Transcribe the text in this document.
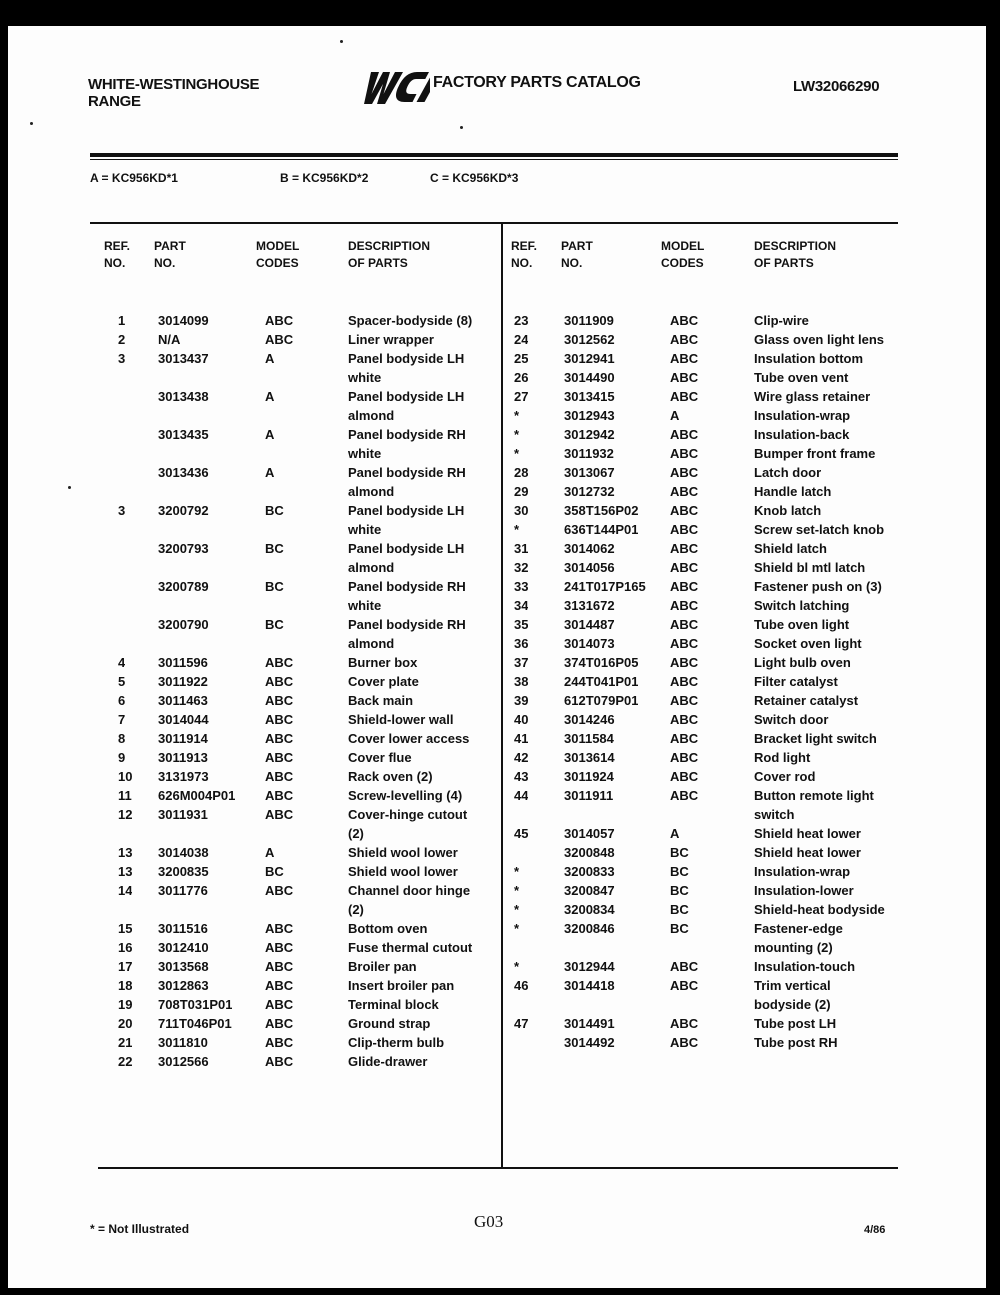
WHITE-WESTINGHOUSE
RANGE
FACTORY PARTS CATALOG	LW32066290
A = KC956KD*1	B = KC956KD*2	C = KC956KD*3
REF.
NO.
PART
NO.
MODEL
CODES
DESCRIPTION
OF PARTS
REF.
NO.
PART
NO.
MODEL
CODES
DESCRIPTION
OF PARTS
1	3014099	ABC	Spacer-bodyside (8)
2	N/A	ABC	Liner wrapper
3	3013437	A	Panel bodyside LH
white
3013438	A	Panel bodyside LH
almond
3013435	A	Panel bodyside RH
white
3013436	A	Panel bodyside RH
almond
3	3200792	BC	Panel bodyside LH
white
3200793	BC	Panel bodyside LH
almond
3200789	BC	Panel bodyside RH
white
3200790	BC	Panel bodyside RH
almond
4	3011596	ABC	Burner box
5	3011922	ABC	Cover plate
6	3011463	ABC	Back main
7	3014044	ABC	Shield-lower wall
8	3011914	ABC	Cover lower access
9	3011913	ABC	Cover flue
10 3131973	ABC	Rack oven (2)
11 626M004P01 ABC	Screw-levelling (4)
12 3011931	ABC	Cover-hinge cutout
(2)
13 3014038	A	Shield wool lower
13 3200835	BC	Shield wool lower
14 3011776	ABC	Channel door hinge
(2)
15 3011516	ABC	Bottom oven
16 3012410	ABC	Fuse thermal cutout
17 3013568	ABC	Broiler pan
18 3012863	ABC	Insert broiler pan
19 708T031P01	ABC	Terminal block
20 711T046P01	ABC	Ground strap
21 3011810	ABC	Clip-therm bulb
22 3012566	ABC	Glide-drawer
23	3011909	ABC	Clip-wire
24	3012562	ABC	Glass oven light lens
25	3012941	ABC	Insulation bottom
26	3014490	ABC	Tube oven vent
27	3013415	ABC	Wire glass retainer
*	3012943	A	Insulation-wrap
*	3012942	ABC	Insulation-back
*	3011932	ABC	Bumper front frame
28	3013067	ABC	Latch door
29	3012732	ABC	Handle latch
30	358T156P02 ABC	Knob latch
*	636T144P01 ABC	Screw set-latch knob
31	3014062	ABC	Shield latch
32	3014056	ABC	Shield bl mtl latch
33	241T017P165 ABC	Fastener push on (3)
34	3131672	ABC	Switch latching
35	3014487	ABC	Tube oven light
36	3014073	ABC	Socket oven light
37	374T016P05 ABC	Light bulb oven
38	244T041P01 ABC	Filter catalyst
39	612T079P01 ABC	Retainer catalyst
40	3014246	ABC	Switch door
41	3011584	ABC	Bracket light switch
42	3013614	ABC	Rod light
43	3011924	ABC	Cover rod
44	3011911	ABC	Button remote light
switch
45	3014057	A	Shield heat lower
3200848	BC	Shield heat lower
*	3200833	BC	Insulation-wrap
*	3200847	BC	Insulation-lower
*	3200834	BC	Shield-heat bodyside
*	3200846	BC	Fastener-edge
mounting (2)
*	3012944	ABC	Insulation-touch
46	3014418	ABC	Trim vertical
bodyside (2)
47	3014491	ABC	Tube post LH
3014492	ABC	Tube post RH
* = Not Illustrated	G03	4/86
